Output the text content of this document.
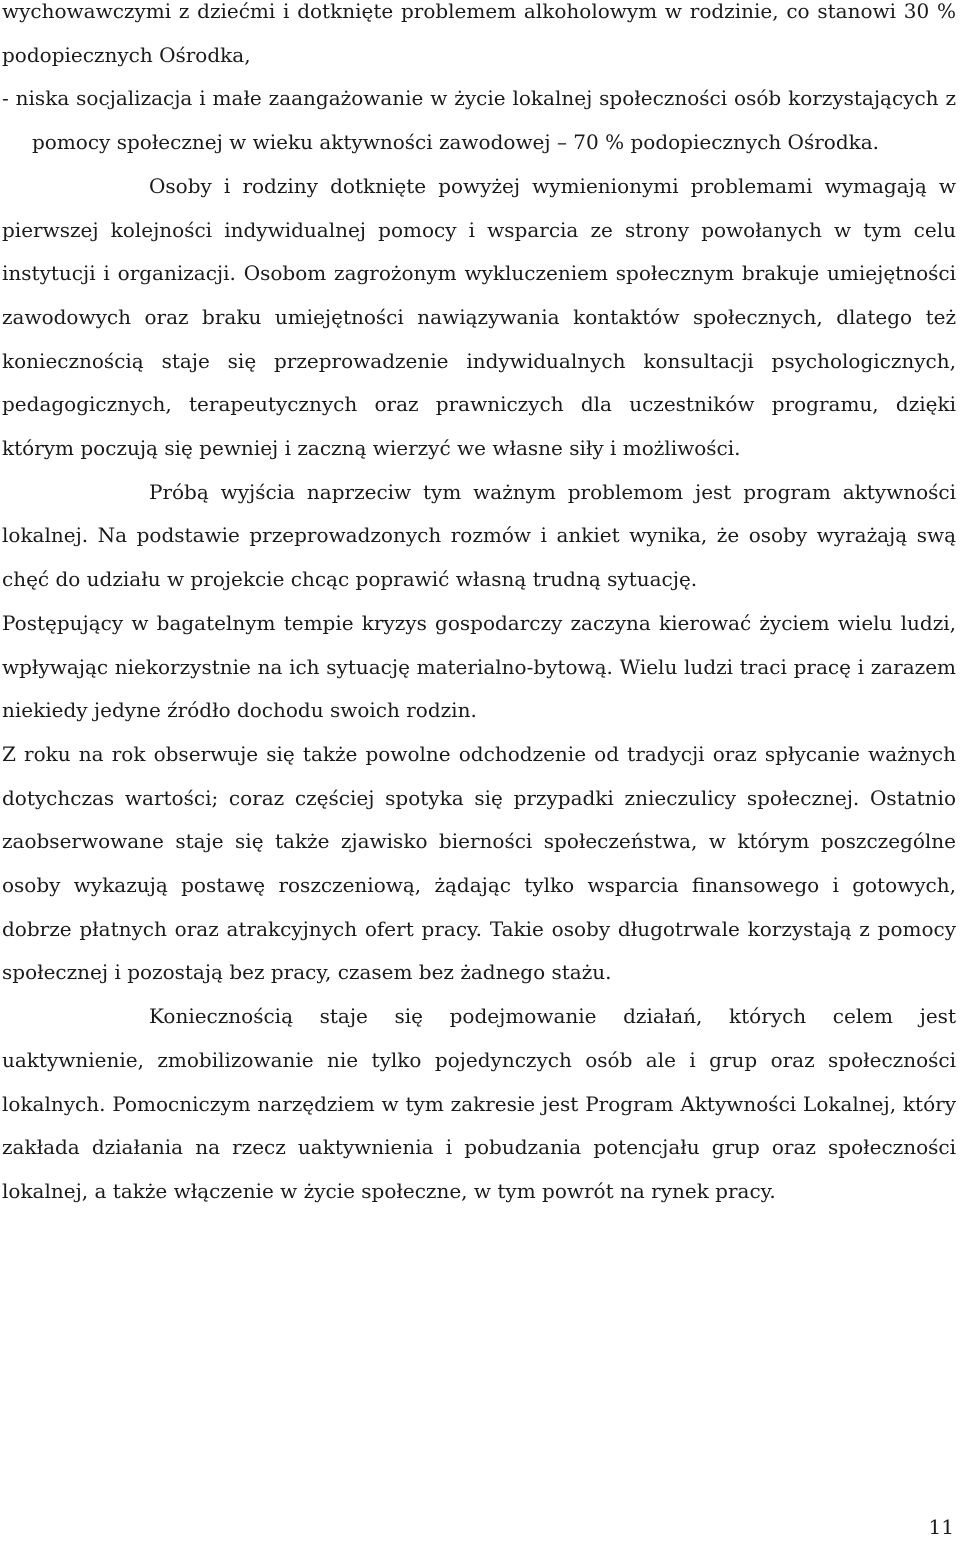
wychowawczymi z dziećmi i dotknięte problemem alkoholowym w rodzinie, co stanowi 30 % podopiecznych Ośrodka,

- niska socjalizacja i małe zaangażowanie w życie lokalnej społeczności osób korzystających z pomocy społecznej w wieku aktywności zawodowej – 70 % podopiecznych Ośrodka.

Osoby i rodziny dotknięte powyżej wymienionymi problemami wymagają w pierwszej kolejności indywidualnej pomocy i wsparcia ze strony powołanych w tym celu instytucji i organizacji. Osobom zagrożonym wykluczeniem społecznym brakuje umiejętności zawodowych oraz braku umiejętności nawiązywania kontaktów społecznych, dlatego też koniecznością staje się przeprowadzenie indywidualnych konsultacji psychologicznych, pedagogicznych, terapeutycznych oraz prawniczych dla uczestników programu, dzięki którym poczują się pewniej i zaczną wierzyć we własne siły i możliwości.

Próbą wyjścia naprzeciw tym ważnym problemom jest program aktywności lokalnej. Na podstawie przeprowadzonych rozmów i ankiet wynika, że osoby wyrażają swą chęć do udziału w projekcie chcąc poprawić własną trudną sytuację.

Postępujący w bagatelnym tempie kryzys gospodarczy zaczyna kierować życiem wielu ludzi, wpływając niekorzystnie na ich sytuację materialno-bytową. Wielu ludzi traci pracę i zarazem niekiedy jedyne źródło dochodu swoich rodzin.

Z roku na rok obserwuje się także powolne odchodzenie od tradycji oraz spłycanie ważnych dotychczas wartości; coraz częściej spotyka się przypadki znieczulicy społecznej. Ostatnio zaobserwowane staje się także zjawisko bierności społeczeństwa, w którym poszczególne osoby wykazują postawę roszczeniową, żądając tylko wsparcia finansowego i gotowych, dobrze płatnych oraz atrakcyjnych ofert pracy. Takie osoby długotrwale korzystają z pomocy społecznej i pozostają bez pracy, czasem bez żadnego stażu.

Koniecznością staje się podejmowanie działań, których celem jest uaktywnienie, zmobilizowanie nie tylko pojedynczych osób ale i grup oraz społeczności lokalnych. Pomocniczym narzędziem w tym zakresie jest Program Aktywności Lokalnej, który zakłada działania na rzecz uaktywnienia i pobudzania potencjału grup oraz społeczności lokalnej, a także włączenie w życie społeczne, w tym powrót na rynek pracy.

11
